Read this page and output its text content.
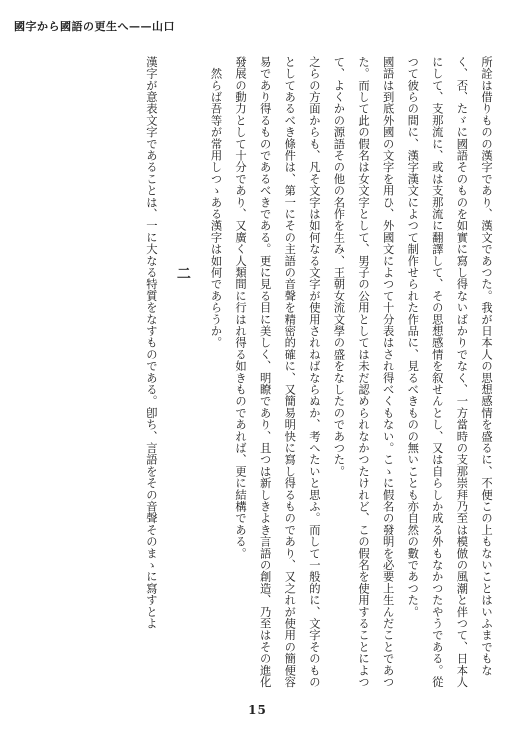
國字から國語の更生へ——山口

所詮は借りものの漢字であり、漢文であつた。我が日本人の思想感情を盛るに、不便この上もないことはいふまでもなく、否、たゞに國語そのものを如實に寫し得ないばかりでなく、一方當時の支那崇拜乃至は模倣の風潮と伴つて、日本人にして、支那流に、或は支那流に翻譯して、その思想感情を叙せんとし、又は自らしか成る外もなかつたやうである。從つて彼らの間に、漢字漢文によつて制作せられた作品に、見るべきものの無いことも亦自然の數であつた。

國語は到底外國の文字を用ひ、外國文によつて十分表はされ得べくもない。こゝに假名の發明を必要上生んだことであつた。而して此の假名は女文字として、男子の公用としては未だ認められなかつたけれど、この假名を使用することによつて、よくかの源語その他の名作を生み、王朝女流文學の盛をなしたのであつた。

之らの方面からも、凡そ文字は如何なる文字が使用されねばならぬか、考へたいと思ふ。而して一般的に、文字そのものとしてあるべき條件は、第一にその主語の音聲を精密的確に、又簡易明快に寫し得るものであり、又之れが使用の簡便容易であり得るものであるべきである。更に見る目に美しく、明瞭であり、且つは新しきよき言語の創造、乃至はその進化發展の動力として十分であり、又廣く人類間に行はれ得る如きものであれば、更に結構である。

然らば吾等が常用しつゝある漢字は如何であらうか。

二

漢字が意表文字であることは、一に大なる特質をなすものである。卽ち、言語をその音聲そのまゝに寫すとよ

15
